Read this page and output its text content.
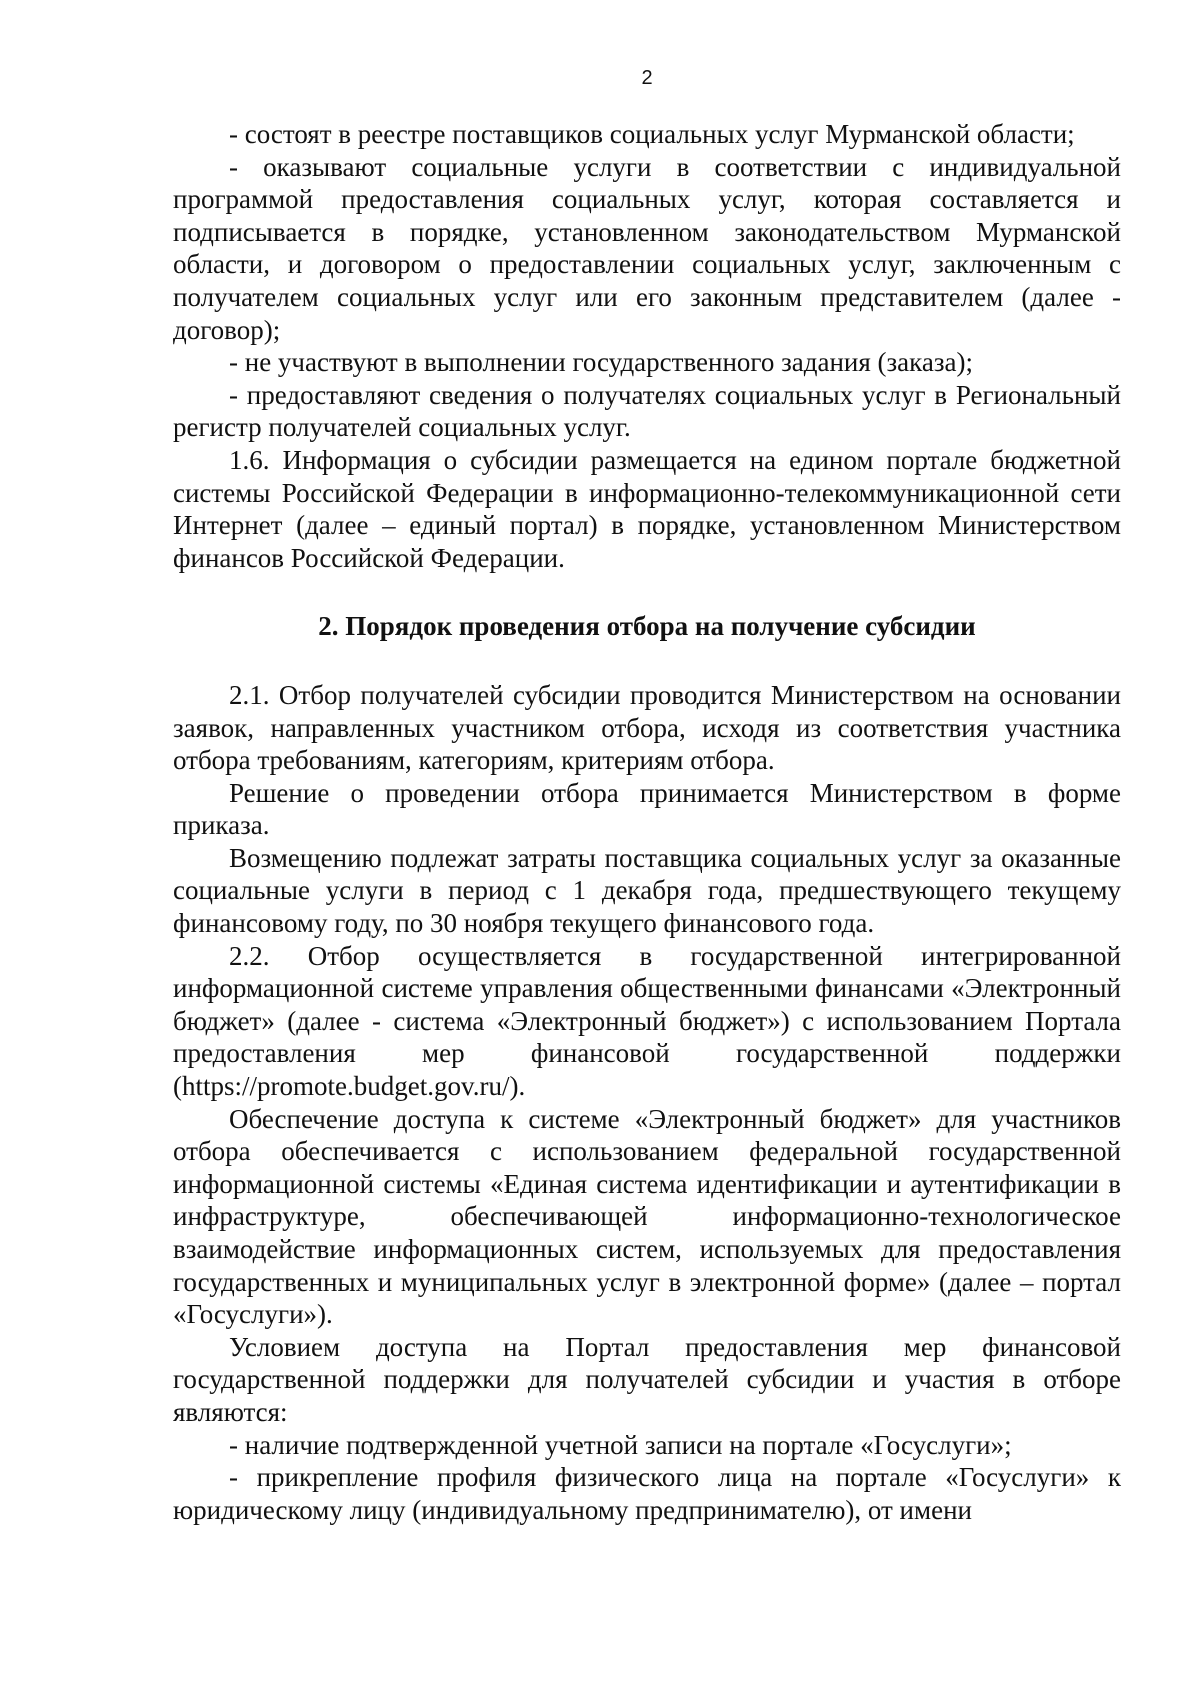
2

- состоят в реестре поставщиков социальных услуг Мурманской области;

- оказывают социальные услуги в соответствии с индивидуальной программой предоставления социальных услуг, которая составляется и подписывается в порядке, установленном законодательством Мурманской области, и договором о предоставлении социальных услуг, заключенным с получателем социальных услуг или его законным представителем (далее - договор);

- не участвуют в выполнении государственного задания (заказа);

- предоставляют сведения о получателях социальных услуг в Региональный регистр получателей социальных услуг.

1.6. Информация о субсидии размещается на едином портале бюджетной системы Российской Федерации в информационно-телекоммуникационной сети Интернет (далее – единый портал) в порядке, установленном Министерством финансов Российской Федерации.

2. Порядок проведения отбора на получение субсидии

2.1. Отбор получателей субсидии проводится Министерством на основании заявок, направленных участником отбора, исходя из соответствия участника отбора требованиям, категориям, критериям отбора.

Решение о проведении отбора принимается Министерством в форме приказа.

Возмещению подлежат затраты поставщика социальных услуг за оказанные социальные услуги в период с 1 декабря года, предшествующего текущему финансовому году, по 30 ноября текущего финансового года.

2.2. Отбор осуществляется в государственной интегрированной информационной системе управления общественными финансами «Электронный бюджет» (далее - система «Электронный бюджет») с использованием Портала предоставления мер финансовой государственной поддержки (https://promote.budget.gov.ru/).

Обеспечение доступа к системе «Электронный бюджет» для участников отбора обеспечивается с использованием федеральной государственной информационной системы «Единая система идентификации и аутентификации в инфраструктуре, обеспечивающей информационно-технологическое взаимодействие информационных систем, используемых для предоставления государственных и муниципальных услуг в электронной форме» (далее – портал «Госуслуги»).

Условием доступа на Портал предоставления мер финансовой государственной поддержки для получателей субсидии и участия в отборе являются:

- наличие подтвержденной учетной записи на портале «Госуслуги»;

- прикрепление профиля физического лица на портале «Госуслуги» к юридическому лицу (индивидуальному предпринимателю), от имени
